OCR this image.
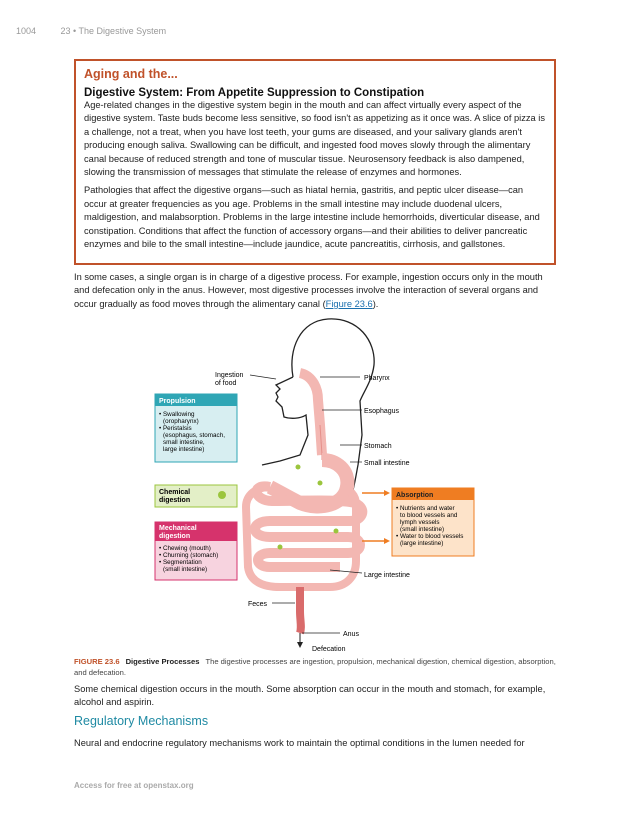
1004	23 • The Digestive System
Aging and the...
Digestive System: From Appetite Suppression to Constipation

Age-related changes in the digestive system begin in the mouth and can affect virtually every aspect of the digestive system. Taste buds become less sensitive, so food isn't as appetizing as it once was. A slice of pizza is a challenge, not a treat, when you have lost teeth, your gums are diseased, and your salivary glands aren't producing enough saliva. Swallowing can be difficult, and ingested food moves slowly through the alimentary canal because of reduced strength and tone of muscular tissue. Neurosensory feedback is also dampened, slowing the transmission of messages that stimulate the release of enzymes and hormones.

Pathologies that affect the digestive organs—such as hiatal hernia, gastritis, and peptic ulcer disease—can occur at greater frequencies as you age. Problems in the small intestine may include duodenal ulcers, maldigestion, and malabsorption. Problems in the large intestine include hemorrhoids, diverticular disease, and constipation. Conditions that affect the function of accessory organs—and their abilities to deliver pancreatic enzymes and bile to the small intestine—include jaundice, acute pancreatitis, cirrhosis, and gallstones.

In some cases, a single organ is in charge of a digestive process. For example, ingestion occurs only in the mouth and defecation only in the anus. However, most digestive processes involve the interaction of several organs and occur gradually as food moves through the alimentary canal (Figure 23.6).
Ingestion
of food
Pharynx
Esophagus
Stomach
Small intestine
Large intestine
Feces
Anus
Defecation
Propulsion
• Swallowing
(oropharynx)
• Peristalsis
(esophagus, stomach,
small intestine,
large intestine)
Chemical
digestion
Mechanical
digestion
• Chewing (mouth)
• Churning (stomach)
• Segmentation
(small intestine)
Absorption
• Nutrients and water
to blood vessels and
lymph vessels
(small intestine)
• Water to blood vessels
(large intestine)
FIGURE 23.6 Digestive Processes The digestive processes are ingestion, propulsion, mechanical digestion, chemical digestion, absorption, and defecation.
Some chemical digestion occurs in the mouth. Some absorption can occur in the mouth and stomach, for example, alcohol and aspirin.
Regulatory Mechanisms
Neural and endocrine regulatory mechanisms work to maintain the optimal conditions in the lumen needed for
Access for free at openstax.org
